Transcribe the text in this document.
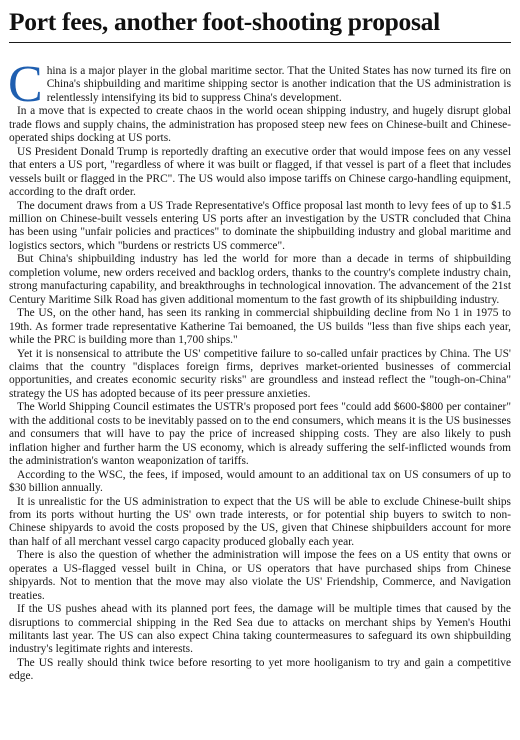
Port fees, another foot-shooting proposal

China is a major player in the global maritime sector. That the United States has now turned its fire on China's shipbuilding and maritime shipping sector is another indication that the US administration is relentlessly intensifying its bid to suppress China's development.

In a move that is expected to create chaos in the world ocean shipping industry, and hugely disrupt global trade flows and supply chains, the administration has proposed steep new fees on Chinese-built and Chinese-operated ships docking at US ports.

US President Donald Trump is reportedly drafting an executive order that would impose fees on any vessel that enters a US port, "regardless of where it was built or flagged, if that vessel is part of a fleet that includes vessels built or flagged in the PRC". The US would also impose tariffs on Chinese cargo-handling equipment, according to the draft order.

The document draws from a US Trade Representative's Office proposal last month to levy fees of up to $1.5 million on Chinese-built vessels entering US ports after an investigation by the USTR concluded that China has been using "unfair policies and practices" to dominate the shipbuilding industry and global maritime and logistics sectors, which "burdens or restricts US commerce".

But China's shipbuilding industry has led the world for more than a decade in terms of shipbuilding completion volume, new orders received and backlog orders, thanks to the country's complete industry chain, strong manufacturing capability, and breakthroughs in technological innovation. The advancement of the 21st Century Maritime Silk Road has given additional momentum to the fast growth of its shipbuilding industry.

The US, on the other hand, has seen its ranking in commercial shipbuilding decline from No 1 in 1975 to 19th. As former trade representative Katherine Tai bemoaned, the US builds "less than five ships each year, while the PRC is building more than 1,700 ships."

Yet it is nonsensical to attribute the US' competitive failure to so-called unfair practices by China. The US' claims that the country "displaces foreign firms, deprives market-oriented businesses of commercial opportunities, and creates economic security risks" are groundless and instead reflect the "tough-on-China" strategy the US has adopted because of its peer pressure anxieties.

The World Shipping Council estimates the USTR's proposed port fees "could add $600-$800 per container" with the additional costs to be inevitably passed on to the end consumers, which means it is the US businesses and consumers that will have to pay the price of increased shipping costs. They are also likely to push inflation higher and further harm the US economy, which is already suffering the self-inflicted wounds from the administration's wanton weaponization of tariffs.

According to the WSC, the fees, if imposed, would amount to an additional tax on US consumers of up to $30 billion annually.

It is unrealistic for the US administration to expect that the US will be able to exclude Chinese-built ships from its ports without hurting the US' own trade interests, or for potential ship buyers to switch to non-Chinese shipyards to avoid the costs proposed by the US, given that Chinese shipbuilders account for more than half of all merchant vessel cargo capacity produced globally each year.

There is also the question of whether the administration will impose the fees on a US entity that owns or operates a US-flagged vessel built in China, or US operators that have purchased ships from Chinese shipyards. Not to mention that the move may also violate the US' Friendship, Commerce, and Navigation treaties.

If the US pushes ahead with its planned port fees, the damage will be multiple times that caused by the disruptions to commercial shipping in the Red Sea due to attacks on merchant ships by Yemen's Houthi militants last year. The US can also expect China taking countermeasures to safeguard its own shipbuilding industry's legitimate rights and interests.

The US really should think twice before resorting to yet more hooliganism to try and gain a competitive edge.
